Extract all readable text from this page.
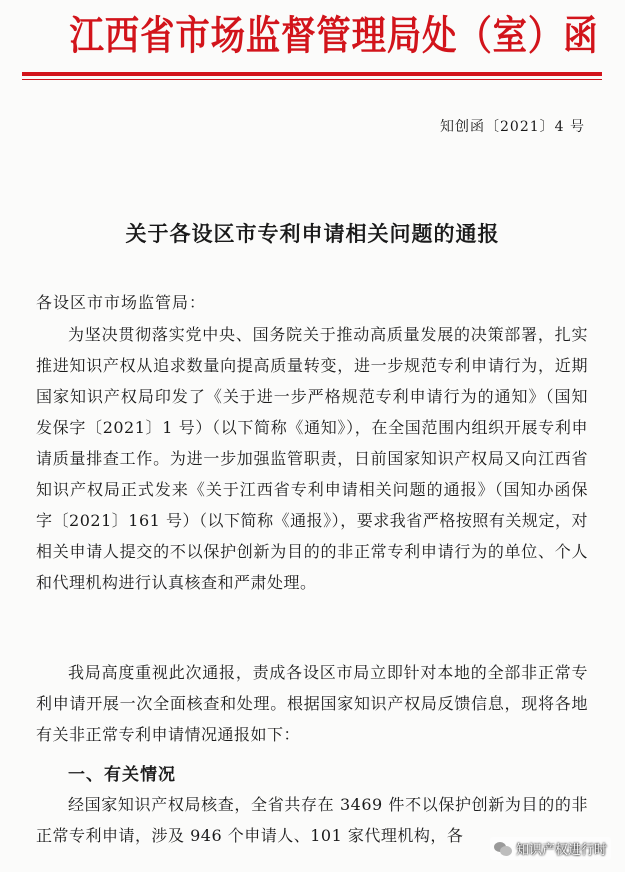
江西省市场监督管理局处（室）函
知创函〔2021〕4 号
关于各设区市专利申请相关问题的通报
各设区市市场监管局：

为坚决贯彻落实党中央、国务院关于推动高质量发展的决策部署，扎实推进知识产权从追求数量向提高质量转变，进一步规范专利申请行为，近期国家知识产权局印发了《关于进一步严格规范专利申请行为的通知》（国知发保字〔2021〕1 号）（以下简称《通知》），在全国范围内组织开展专利申请质量排查工作。为进一步加强监管职责，日前国家知识产权局又向江西省知识产权局正式发来《关于江西省专利申请相关问题的通报》（国知办函保字〔2021〕161 号）（以下简称《通报》），要求我省严格按照有关规定，对相关申请人提交的不以保护创新为目的的非正常专利申请行为的单位、个人和代理机构进行认真核查和严肃处理。

我局高度重视此次通报，责成各设区市局立即针对本地的全部非正常专利申请开展一次全面核查和处理。根据国家知识产权局反馈信息，现将各地有关非正常专利申请情况通报如下：

一、有关情况

经国家知识产权局核查，全省共存在 3469 件不以保护创新为目的的非正常专利申请，涉及 946 个申请人、101 家代理机构，各

知识产权进行时
